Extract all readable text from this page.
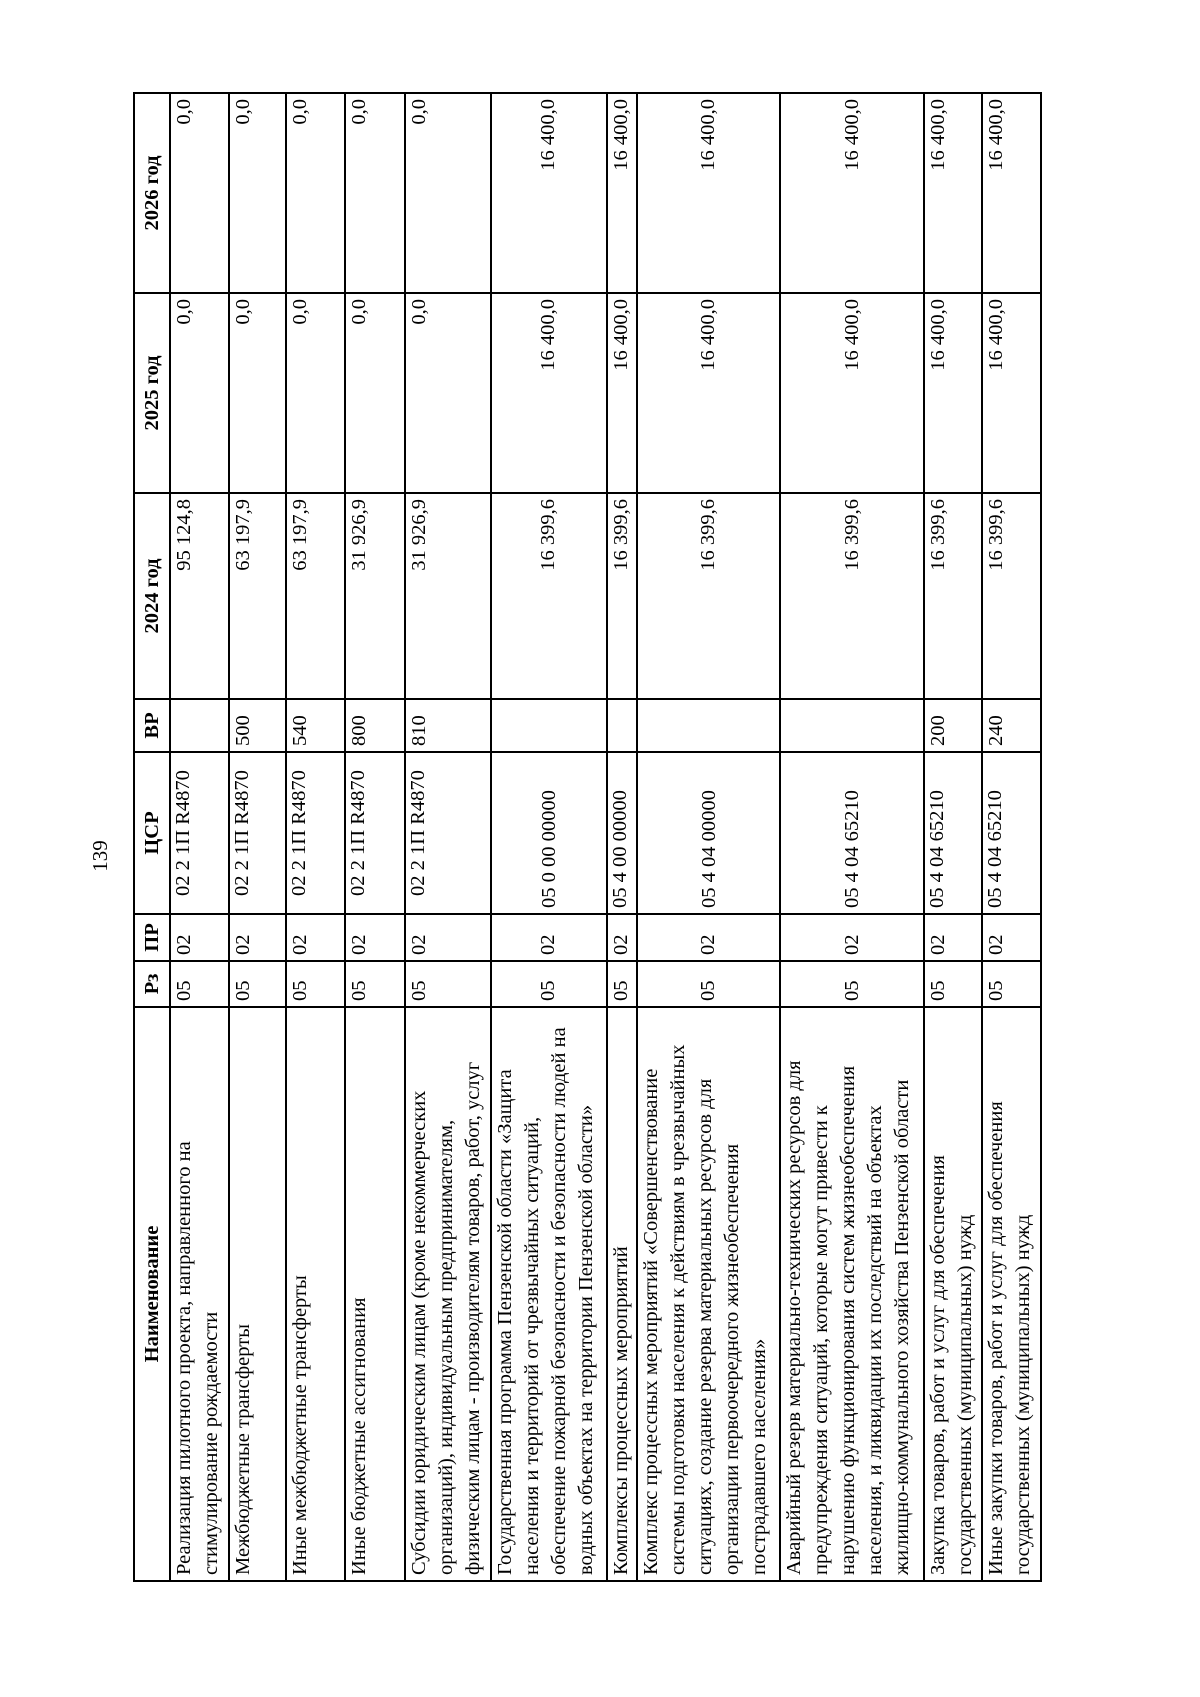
139
Наименование	Рз	ПР	ЦСР	ВР	2024 год	2025 год	2026 год
Реализация пилотного проекта, направленного на стимулирование рождаемости	05	02	02 2 1П R4870		95 124,8	0,0	0,0
Межбюджетные трансферты	05	02	02 2 1П R4870	500	63 197,9	0,0	0,0
Иные межбюджетные трансферты	05	02	02 2 1П R4870	540	63 197,9	0,0	0,0
Иные бюджетные ассигнования	05	02	02 2 1П R4870	800	31 926,9	0,0	0,0
Субсидии юридическим лицам (кроме некоммерческих организаций), индивидуальным предпринимателям, физическим лицам - производителям товаров, работ, услуг	05	02	02 2 1П R4870	810	31 926,9	0,0	0,0
Государственная программа Пензенской области «Защита населения и территорий от чрезвычайных ситуаций, обеспечение пожарной безопасности и безопасности людей на водных объектах на территории Пензенской области»	05	02	05 0 00 00000		16 399,6	16 400,0	16 400,0
Комплексы процессных мероприятий	05	02	05 4 00 00000		16 399,6	16 400,0	16 400,0
Комплекс процессных мероприятий «Совершенствование системы подготовки населения к действиям в чрезвычайных ситуациях, создание резерва материальных ресурсов для организации первоочередного жизнеобеспечения пострадавшего населения»	05	02	05 4 04 00000		16 399,6	16 400,0	16 400,0
Аварийный резерв материально-технических ресурсов для предупреждения ситуаций, которые могут привести к нарушению функционирования систем жизнеобеспечения населения, и ликвидации их последствий на объектах жилищно-коммунального хозяйства Пензенской области	05	02	05 4 04 65210		16 399,6	16 400,0	16 400,0
Закупка товаров, работ и услуг для обеспечения государственных (муниципальных) нужд	05	02	05 4 04 65210	200	16 399,6	16 400,0	16 400,0
Иные закупки товаров, работ и услуг для обеспечения государственных (муниципальных) нужд	05	02	05 4 04 65210	240	16 399,6	16 400,0	16 400,0
